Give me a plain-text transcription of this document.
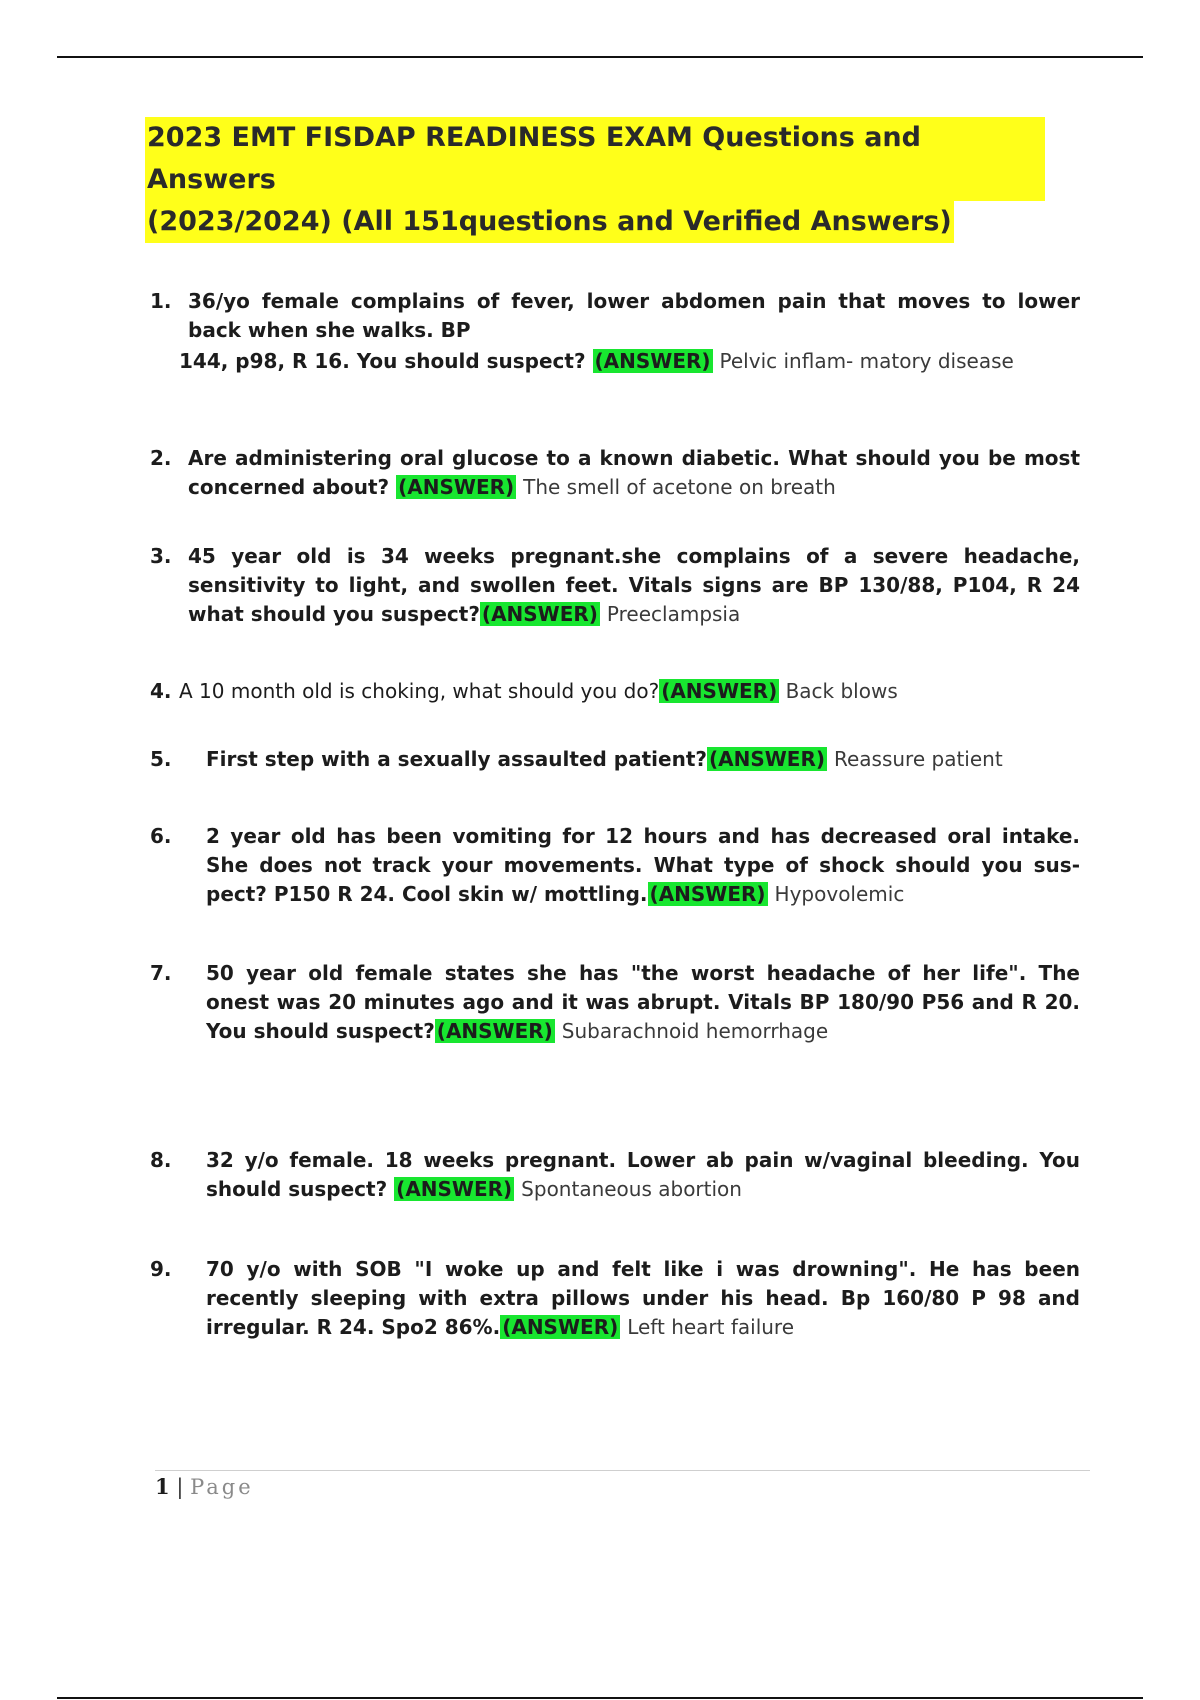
2023 EMT FISDAP READINESS EXAM Questions and Answers
(2023/2024) (All 151questions and Verified Answers)
1. 36/yo female complains of fever, lower abdomen pain that moves to lower back when she walks. BP
144, p98, R 16. You should suspect? (ANSWER) Pelvic inflam- matory disease
2. Are administering oral glucose to a known diabetic. What should you be most concerned about? (ANSWER) The smell of acetone on breath
3. 45 year old is 34 weeks pregnant.she complains of a severe headache, sensitivity to light, and swollen feet. Vitals signs are BP 130/88, P104, R 24 what should you suspect? (ANSWER) Preeclampsia
4. A 10 month old is choking, what should you do? (ANSWER) Back blows
5.	First step with a sexually assaulted patient? (ANSWER) Reassure patient
6.	2 year old has been vomiting for 12 hours and has decreased oral intake. She does not track your movements. What type of shock should you sus- pect? P150 R 24. Cool skin w/ mottling. (ANSWER) Hypovolemic
7.	50 year old female states she has "the worst headache of her life". The onest was 20 minutes ago and it was abrupt. Vitals BP 180/90 P56 and R 20. You should suspect? (ANSWER) Subarachnoid hemorrhage
8.	32 y/o female. 18 weeks pregnant. Lower ab pain w/vaginal bleeding. You should suspect? (ANSWER) Spontaneous abortion
9.	70 y/o with SOB "I woke up and felt like i was drowning". He has been recently sleeping with extra pillows under his head. Bp 160/80 P 98 and irregular. R 24. Spo2 86%. (ANSWER) Left heart failure
1 | Page
